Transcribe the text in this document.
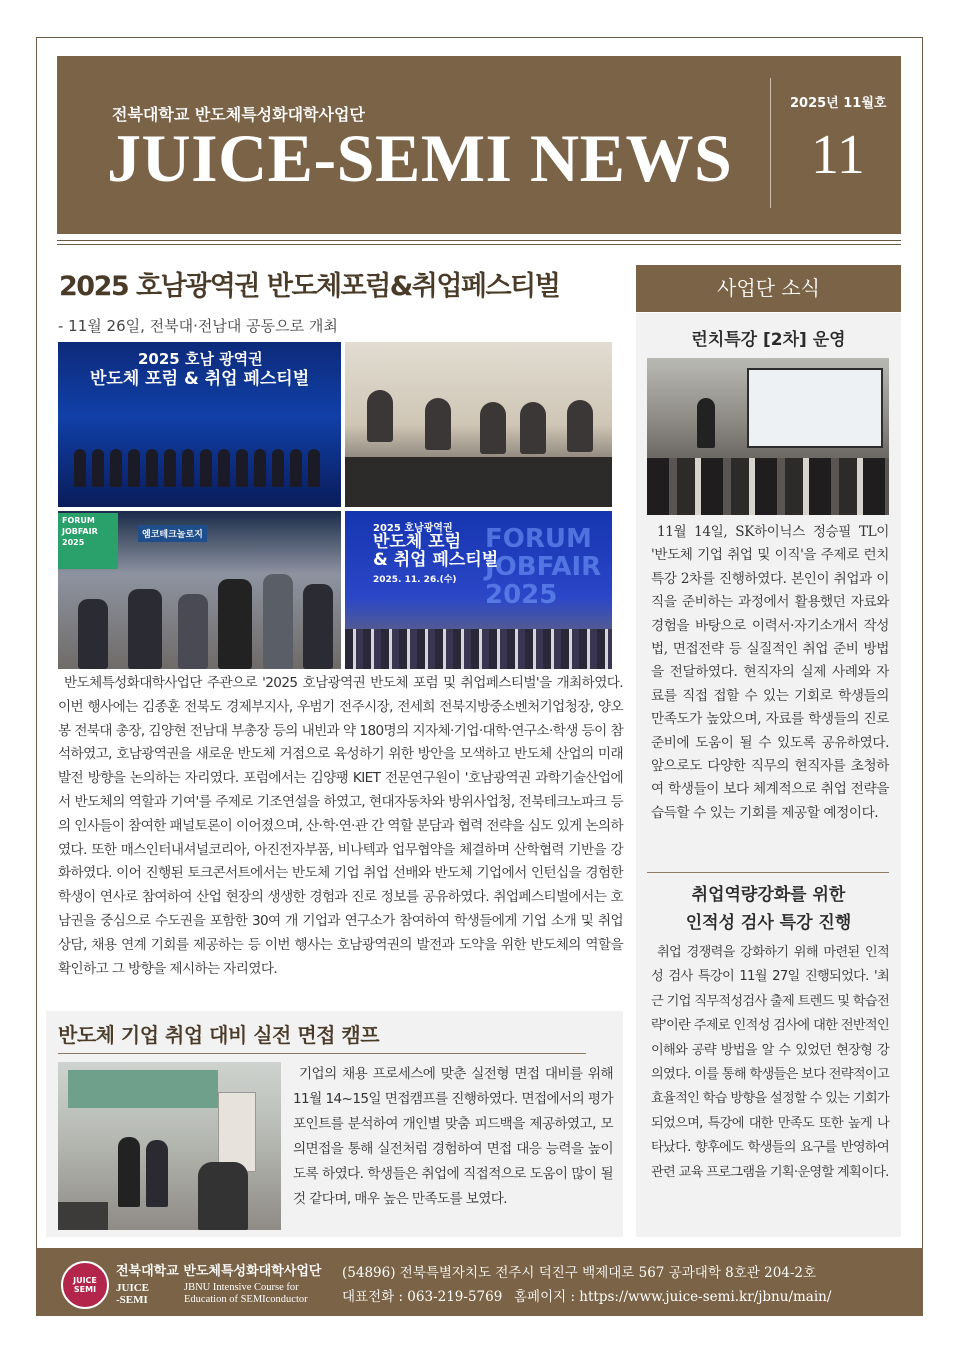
전북대학교 반도체특성화대학사업단
JUICE-SEMI NEWS
2025년 11월호
11
2025 호남광역권 반도체포럼&취업페스티벌
- 11월 26일, 전북대·전남대 공동으로 개최
2025 호남 광역권
반도체 포럼 & 취업 페스티벌
FORUM JOBFAIR 2025
엠코테크놀로지	FORUM JOBFAIR 2025
2025 호남광역권
반도체 포럼
& 취업 페스티벌
2025. 11. 26.(수)
반도체특성화대학사업단 주관으로 '2025 호남광역권 반도체 포럼 및 취업페스티벌'을 개최하였다. 이번 행사에는 김종훈 전북도 경제부지사, 우범기 전주시장, 전세희 전북지방중소벤처기업청장, 양오봉 전북대 총장, 김양현 전남대 부총장 등의 내빈과 약 180명의 지자체·기업·대학·연구소·학생 등이 참석하였고, 호남광역권을 새로운 반도체 거점으로 육성하기 위한 방안을 모색하고 반도체 산업의 미래 발전 방향을 논의하는 자리였다. 포럼에서는 김양팽 KIET 전문연구원이 '호남광역권 과학기술산업에서 반도체의 역할과 기여'를 주제로 기조연설을 하였고, 현대자동차와 방위사업청, 전북테크노파크 등의 인사들이 참여한 패널토론이 이어졌으며, 산·학·연·관 간 역할 분담과 협력 전략을 심도 있게 논의하였다. 또한 매스인터내셔널코리아, 아진전자부품, 비나텍과 업무협약을 체결하며 산학협력 기반을 강화하였다. 이어 진행된 토크콘서트에서는 반도체 기업 취업 선배와 반도체 기업에서 인턴십을 경험한 학생이 연사로 참여하여 산업 현장의 생생한 경험과 진로 정보를 공유하였다. 취업페스티벌에서는 호남권을 중심으로 수도권을 포함한 30여 개 기업과 연구소가 참여하여 학생들에게 기업 소개 및 취업 상담, 채용 연계 기회를 제공하는 등 이번 행사는 호남광역권의 발전과 도약을 위한 반도체의 역할을 확인하고 그 방향을 제시하는 자리였다.
반도체 기업 취업 대비 실전 면접 캠프
기업의 채용 프로세스에 맞춘 실전형 면접 대비를 위해 11월 14~15일 면접캠프를 진행하였다. 면접에서의 평가 포인트를 분석하여 개인별 맞춤 피드백을 제공하였고, 모의면접을 통해 실전처럼 경험하여 면접 대응 능력을 높이도록 하였다. 학생들은 취업에 직접적으로 도움이 많이 될 것 같다며, 매우 높은 만족도를 보였다.
사업단 소식
런치특강 [2차] 운영
11월 14일, SK하이닉스 정승필 TL이 '반도체 기업 취업 및 이직'을 주제로 런치 특강 2차를 진행하였다. 본인이 취업과 이직을 준비하는 과정에서 활용했던 자료와 경험을 바탕으로 이력서·자기소개서 작성법, 면접전략 등 실질적인 취업 준비 방법을 전달하였다. 현직자의 실제 사례와 자료를 직접 접할 수 있는 기회로 학생들의 만족도가 높았으며, 자료를 학생들의 진로 준비에 도움이 될 수 있도록 공유하였다. 앞으로도 다양한 직무의 현직자를 초청하여 학생들이 보다 체계적으로 취업 전략을 습득할 수 있는 기회를 제공할 예정이다.
취업역량강화를 위한
인적성 검사 특강 진행
취업 경쟁력을 강화하기 위해 마련된 인적성 검사 특강이 11월 27일 진행되었다. '최근 기업 직무적성검사 출제 트렌드 및 학습전략'이란 주제로 인적성 검사에 대한 전반적인 이해와 공략 방법을 알 수 있었던 현장형 강의였다. 이를 통해 학생들은 보다 전략적이고 효율적인 학습 방향을 설정할 수 있는 기회가 되었으며, 특강에 대한 만족도 또한 높게 나타났다. 향후에도 학생들의 요구를 반영하여 관련 교육 프로그램을 기획·운영할 계획이다.
JUICE
SEMI
전북대학교 반도체특성화대학사업단
JUICE
-SEMI
JBNU Intensive Course for
Education of SEMIconductor
(54896) 전북특별자치도 전주시 덕진구 백제대로 567 공과대학 8호관 204-2호
대표전화 : 063-219-5769 홈페이지 : https://www.juice-semi.kr/jbnu/main/
